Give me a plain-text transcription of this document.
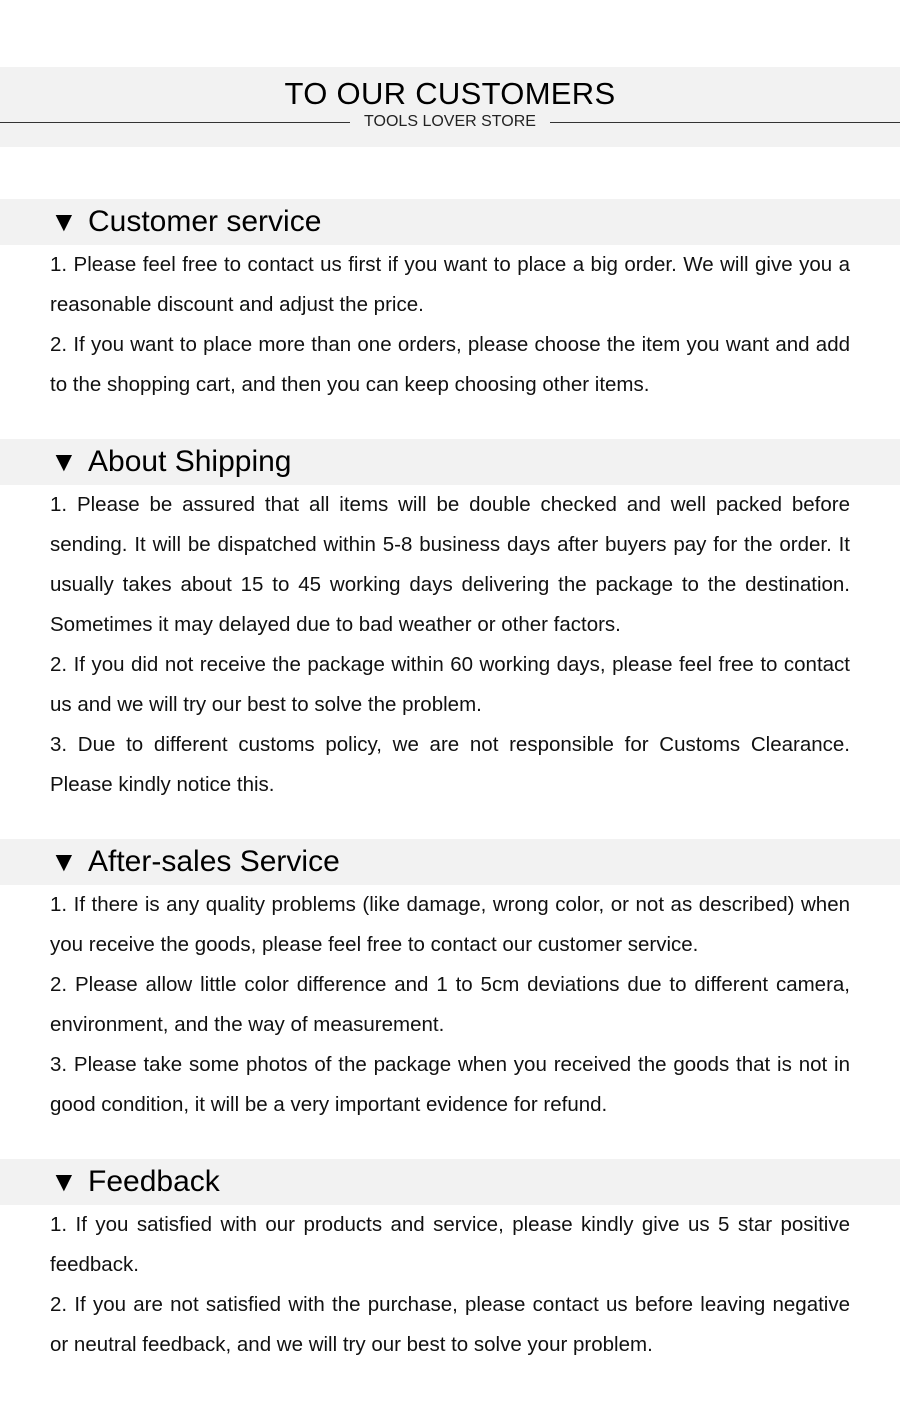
TO OUR CUSTOMERS
TOOLS LOVER STORE
▼ Customer service

1. Please feel free to contact us first if you want to place a big order. We will give you a reasonable discount and adjust the price.

2. If you want to place more than one orders, please choose the item you want and add to the shopping cart, and then you can keep choosing other items.

▼ About Shipping

1. Please be assured that all items will be double checked and well packed before sending. It will be dispatched within 5-8 business days after buyers pay for the order. It usually takes about 15 to 45 working days delivering the package to the destination. Sometimes it may delayed due to bad weather or other factors.

2. If you did not receive the package within 60 working days, please feel free to contact us and we will try our best to solve the problem.

3. Due to different customs policy, we are not responsible for Customs Clearance. Please kindly notice this.

▼ After-sales Service

1. If there is any quality problems (like damage, wrong color, or not as described) when you receive the goods, please feel free to contact our customer service.

2. Please allow little color difference and 1 to 5cm deviations due to different camera, environment, and the way of measurement.

3. Please take some photos of the package when you received the goods that is not in good condition, it will be a very important evidence for refund.

▼ Feedback

1. If you satisfied with our products and service, please kindly give us 5 star positive feedback.

2. If you are not satisfied with the purchase, please contact us before leaving negative or neutral feedback, and we will try our best to solve your problem.
